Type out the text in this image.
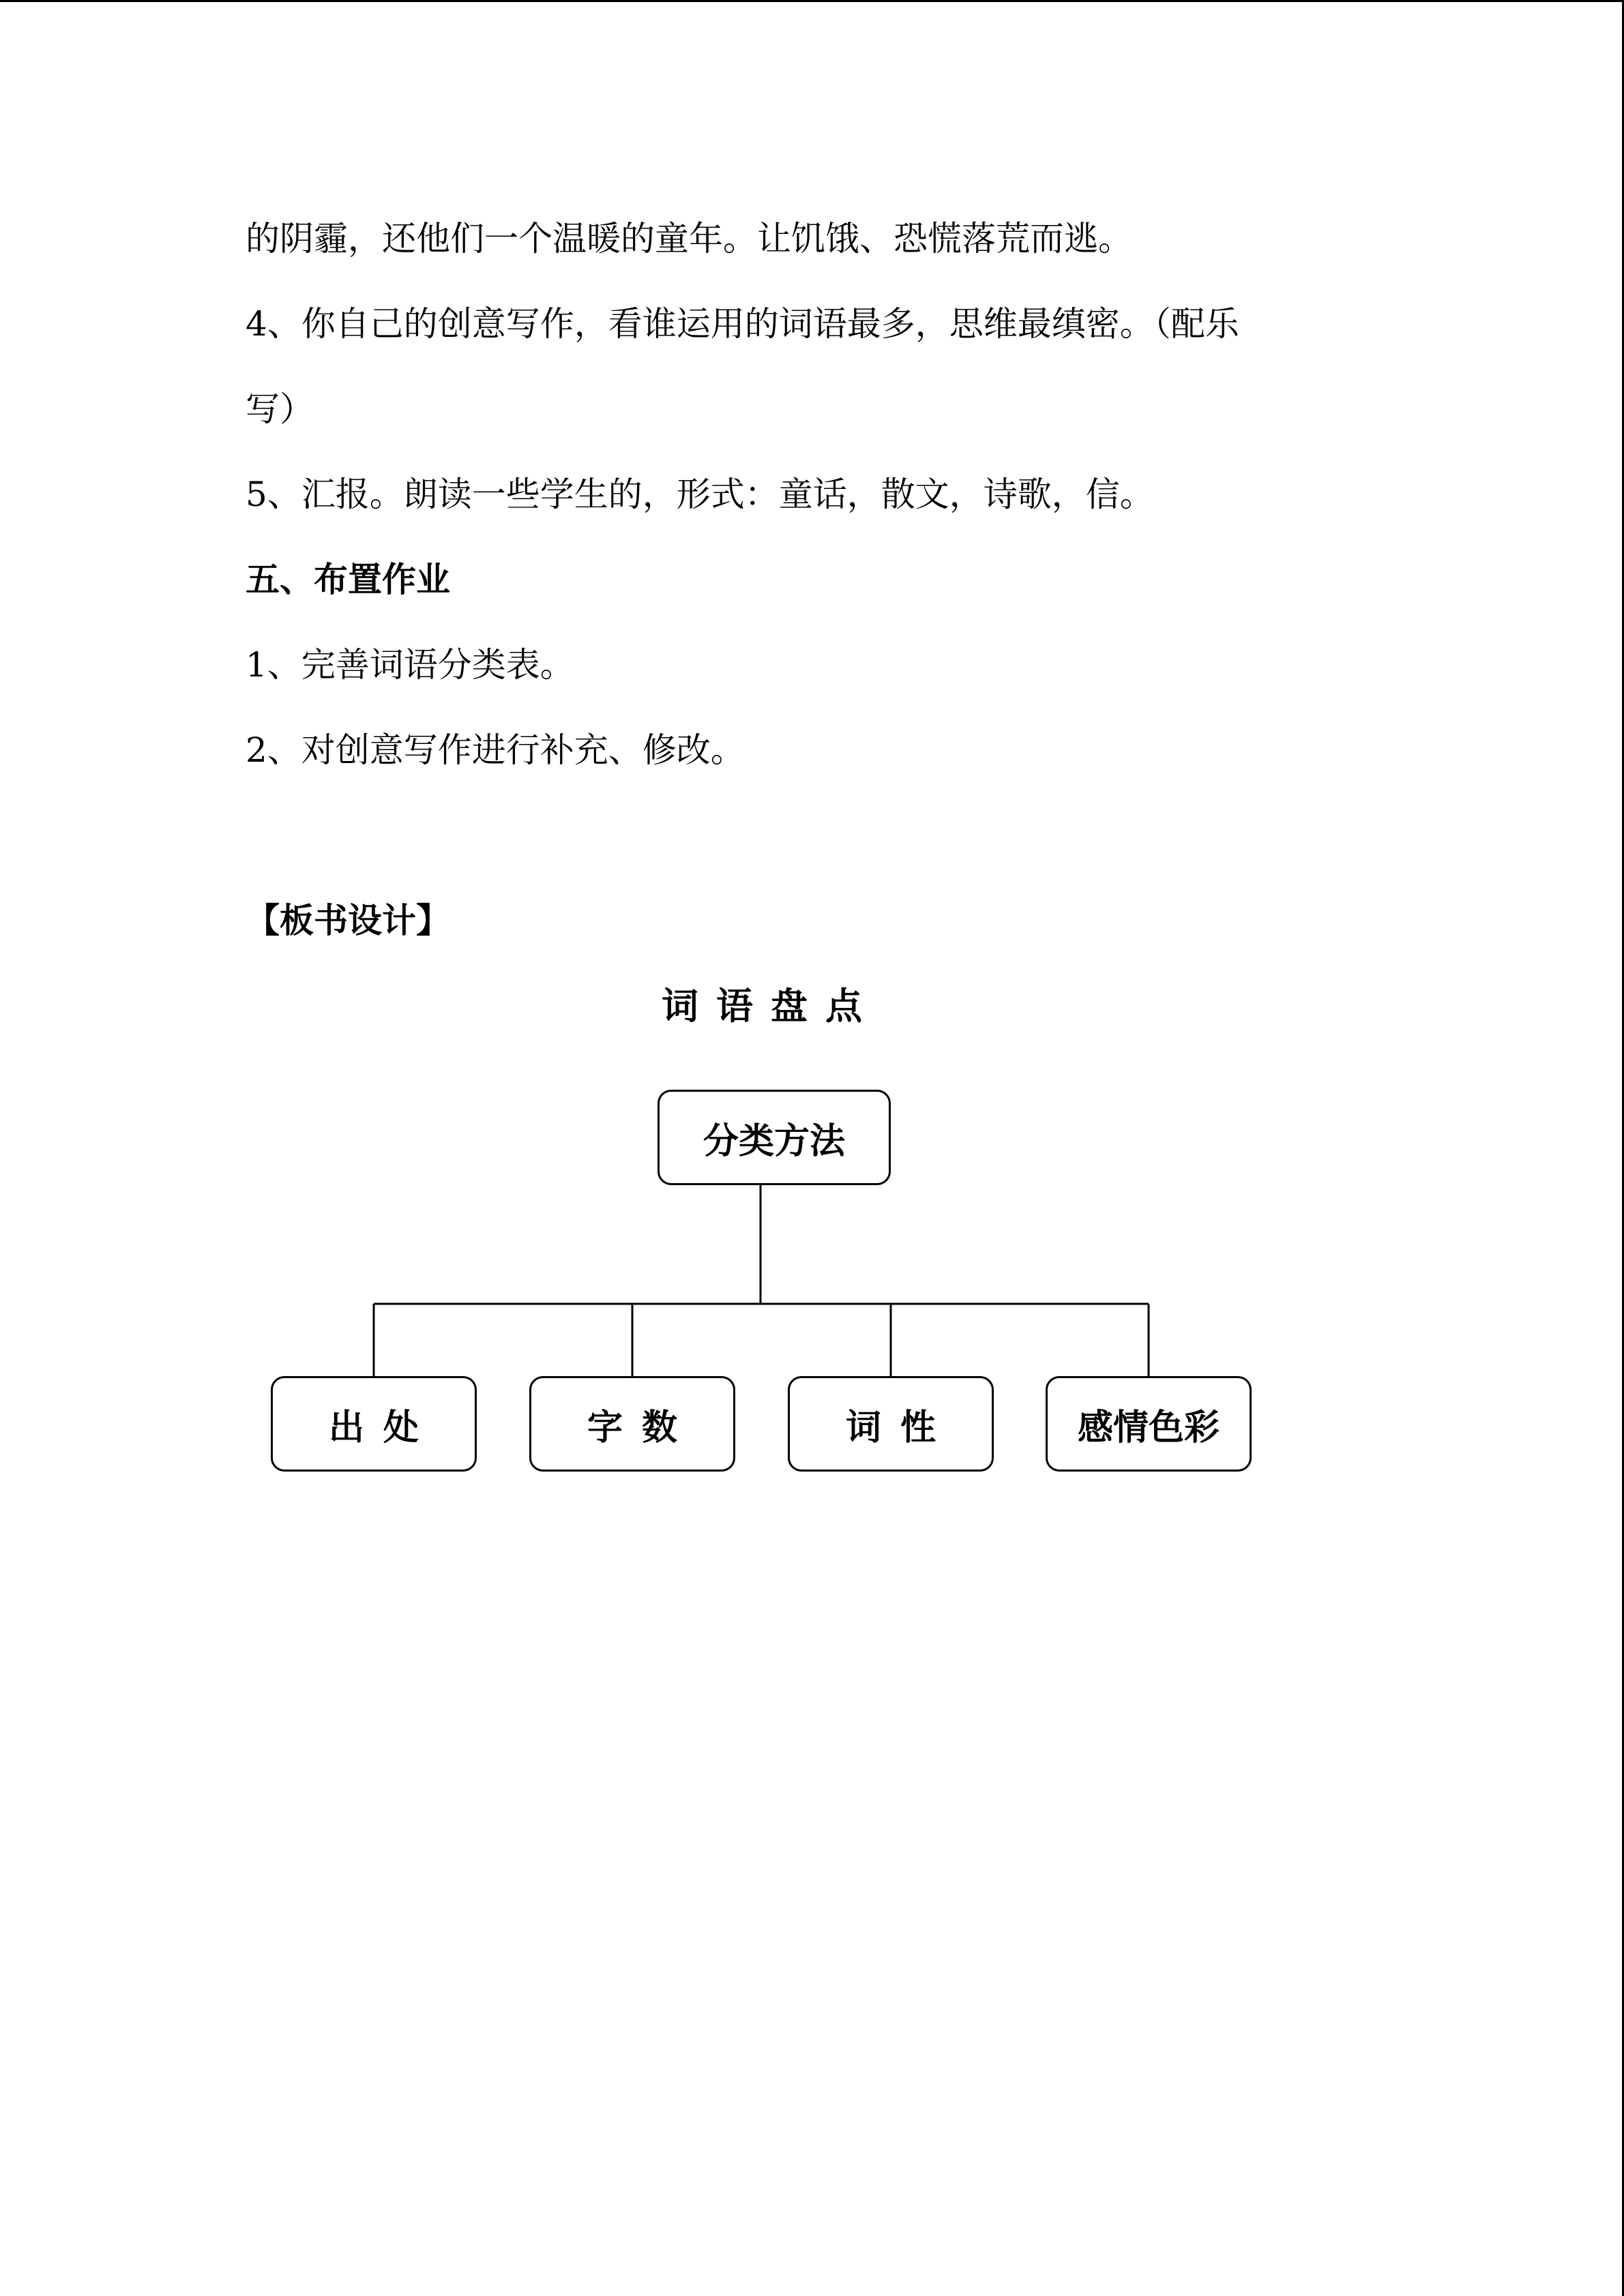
的阴霾，还他们一个温暖的童年。让饥饿、恐慌落荒而逃。
4、你自己的创意写作，看谁运用的词语最多，思维最缜密。（配乐
写）
5、汇报。朗读一些学生的，形式：童话，散文，诗歌，信。
五、布置作业
1、完善词语分类表。
2、对创意写作进行补充、修改。
【板书设计】
词语盘点
分类方法
出处	字数	词性	感情色彩
